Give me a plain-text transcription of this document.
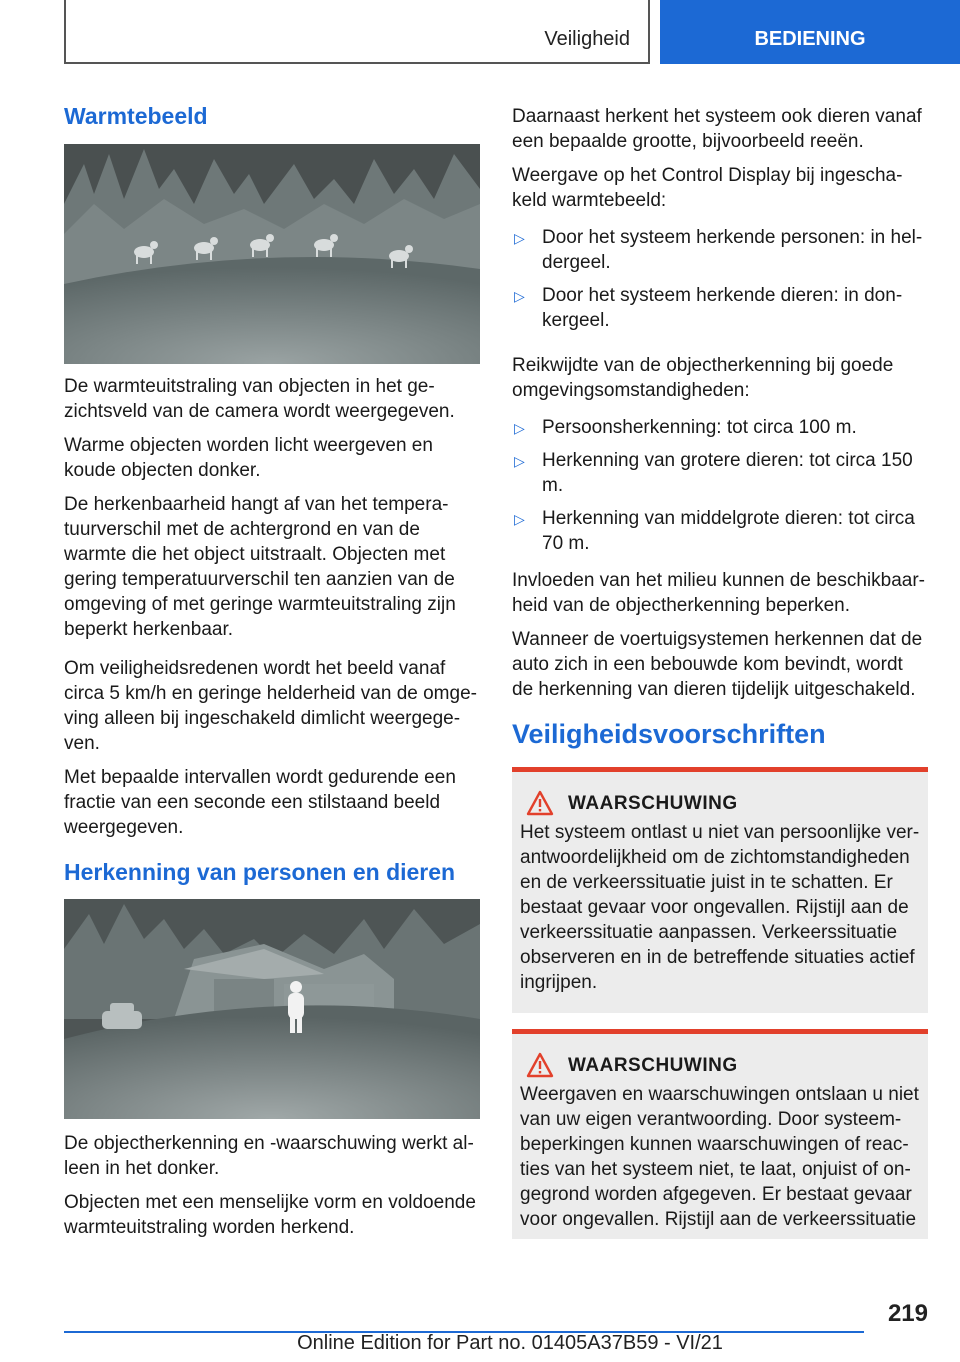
Veiligheid	BEDIENING
Warmtebeeld

De warmteuitstraling van objecten in het gezichtsveld van de camera wordt weergegeven.

Warme objecten worden licht weergeven en koude objecten donker.

De herkenbaarheid hangt af van het temperatuurverschil met de achtergrond en van de warmte die het object uitstraalt. Objecten met gering temperatuurverschil ten aanzien van de omgeving of met geringe warmteuitstraling zijn beperkt herkenbaar.

Om veiligheidsredenen wordt het beeld vanaf circa 5 km/h en geringe helderheid van de omgeving alleen bij ingeschakeld dimlicht weergegeven.

Met bepaalde intervallen wordt gedurende een fractie van een seconde een stilstaand beeld weergegeven.

Herkenning van personen en dieren

De objectherkenning en -waarschuwing werkt alleen in het donker.

Objecten met een menselijke vorm en voldoende warmteuitstraling worden herkend.

Daarnaast herkent het systeem ook dieren vanaf een bepaalde grootte, bijvoorbeeld reeën.

Weergave op het Control Display bij ingeschakeld warmtebeeld:

▷ Door het systeem herkende personen: in heldergeel.
▷ Door het systeem herkende dieren: in donkergeel.

Reikwijdte van de objectherkenning bij goede omgevingsomstandigheden:

▷ Persoonsherkenning: tot circa 100 m.
▷ Herkenning van grotere dieren: tot circa 150 m.
▷ Herkenning van middelgrote dieren: tot circa 70 m.

Invloeden van het milieu kunnen de beschikbaarheid van de objectherkenning beperken.

Wanneer de voertuigsystemen herkennen dat de auto zich in een bebouwde kom bevindt, wordt de herkenning van dieren tijdelijk uitgeschakeld.

Veiligheidsvoorschriften
WAARSCHUWING
Het systeem ontlast u niet van persoonlijke verantwoordelijkheid om de zichtomstandigheden en de verkeerssituatie juist in te schatten. Er bestaat gevaar voor ongevallen. Rijstijl aan de verkeerssituatie aanpassen. Verkeerssituatie observeren en in de betreffende situaties actief ingrijpen.
WAARSCHUWING
Weergaven en waarschuwingen ontslaan u niet van uw eigen verantwoording. Door systeembeperkingen kunnen waarschuwingen of reacties van het systeem niet, te laat, onjuist of ongegrond worden afgegeven. Er bestaat gevaar voor ongevallen. Rijstijl aan de verkeerssituatie
219
Online Edition for Part no. 01405A37B59 - VI/21
